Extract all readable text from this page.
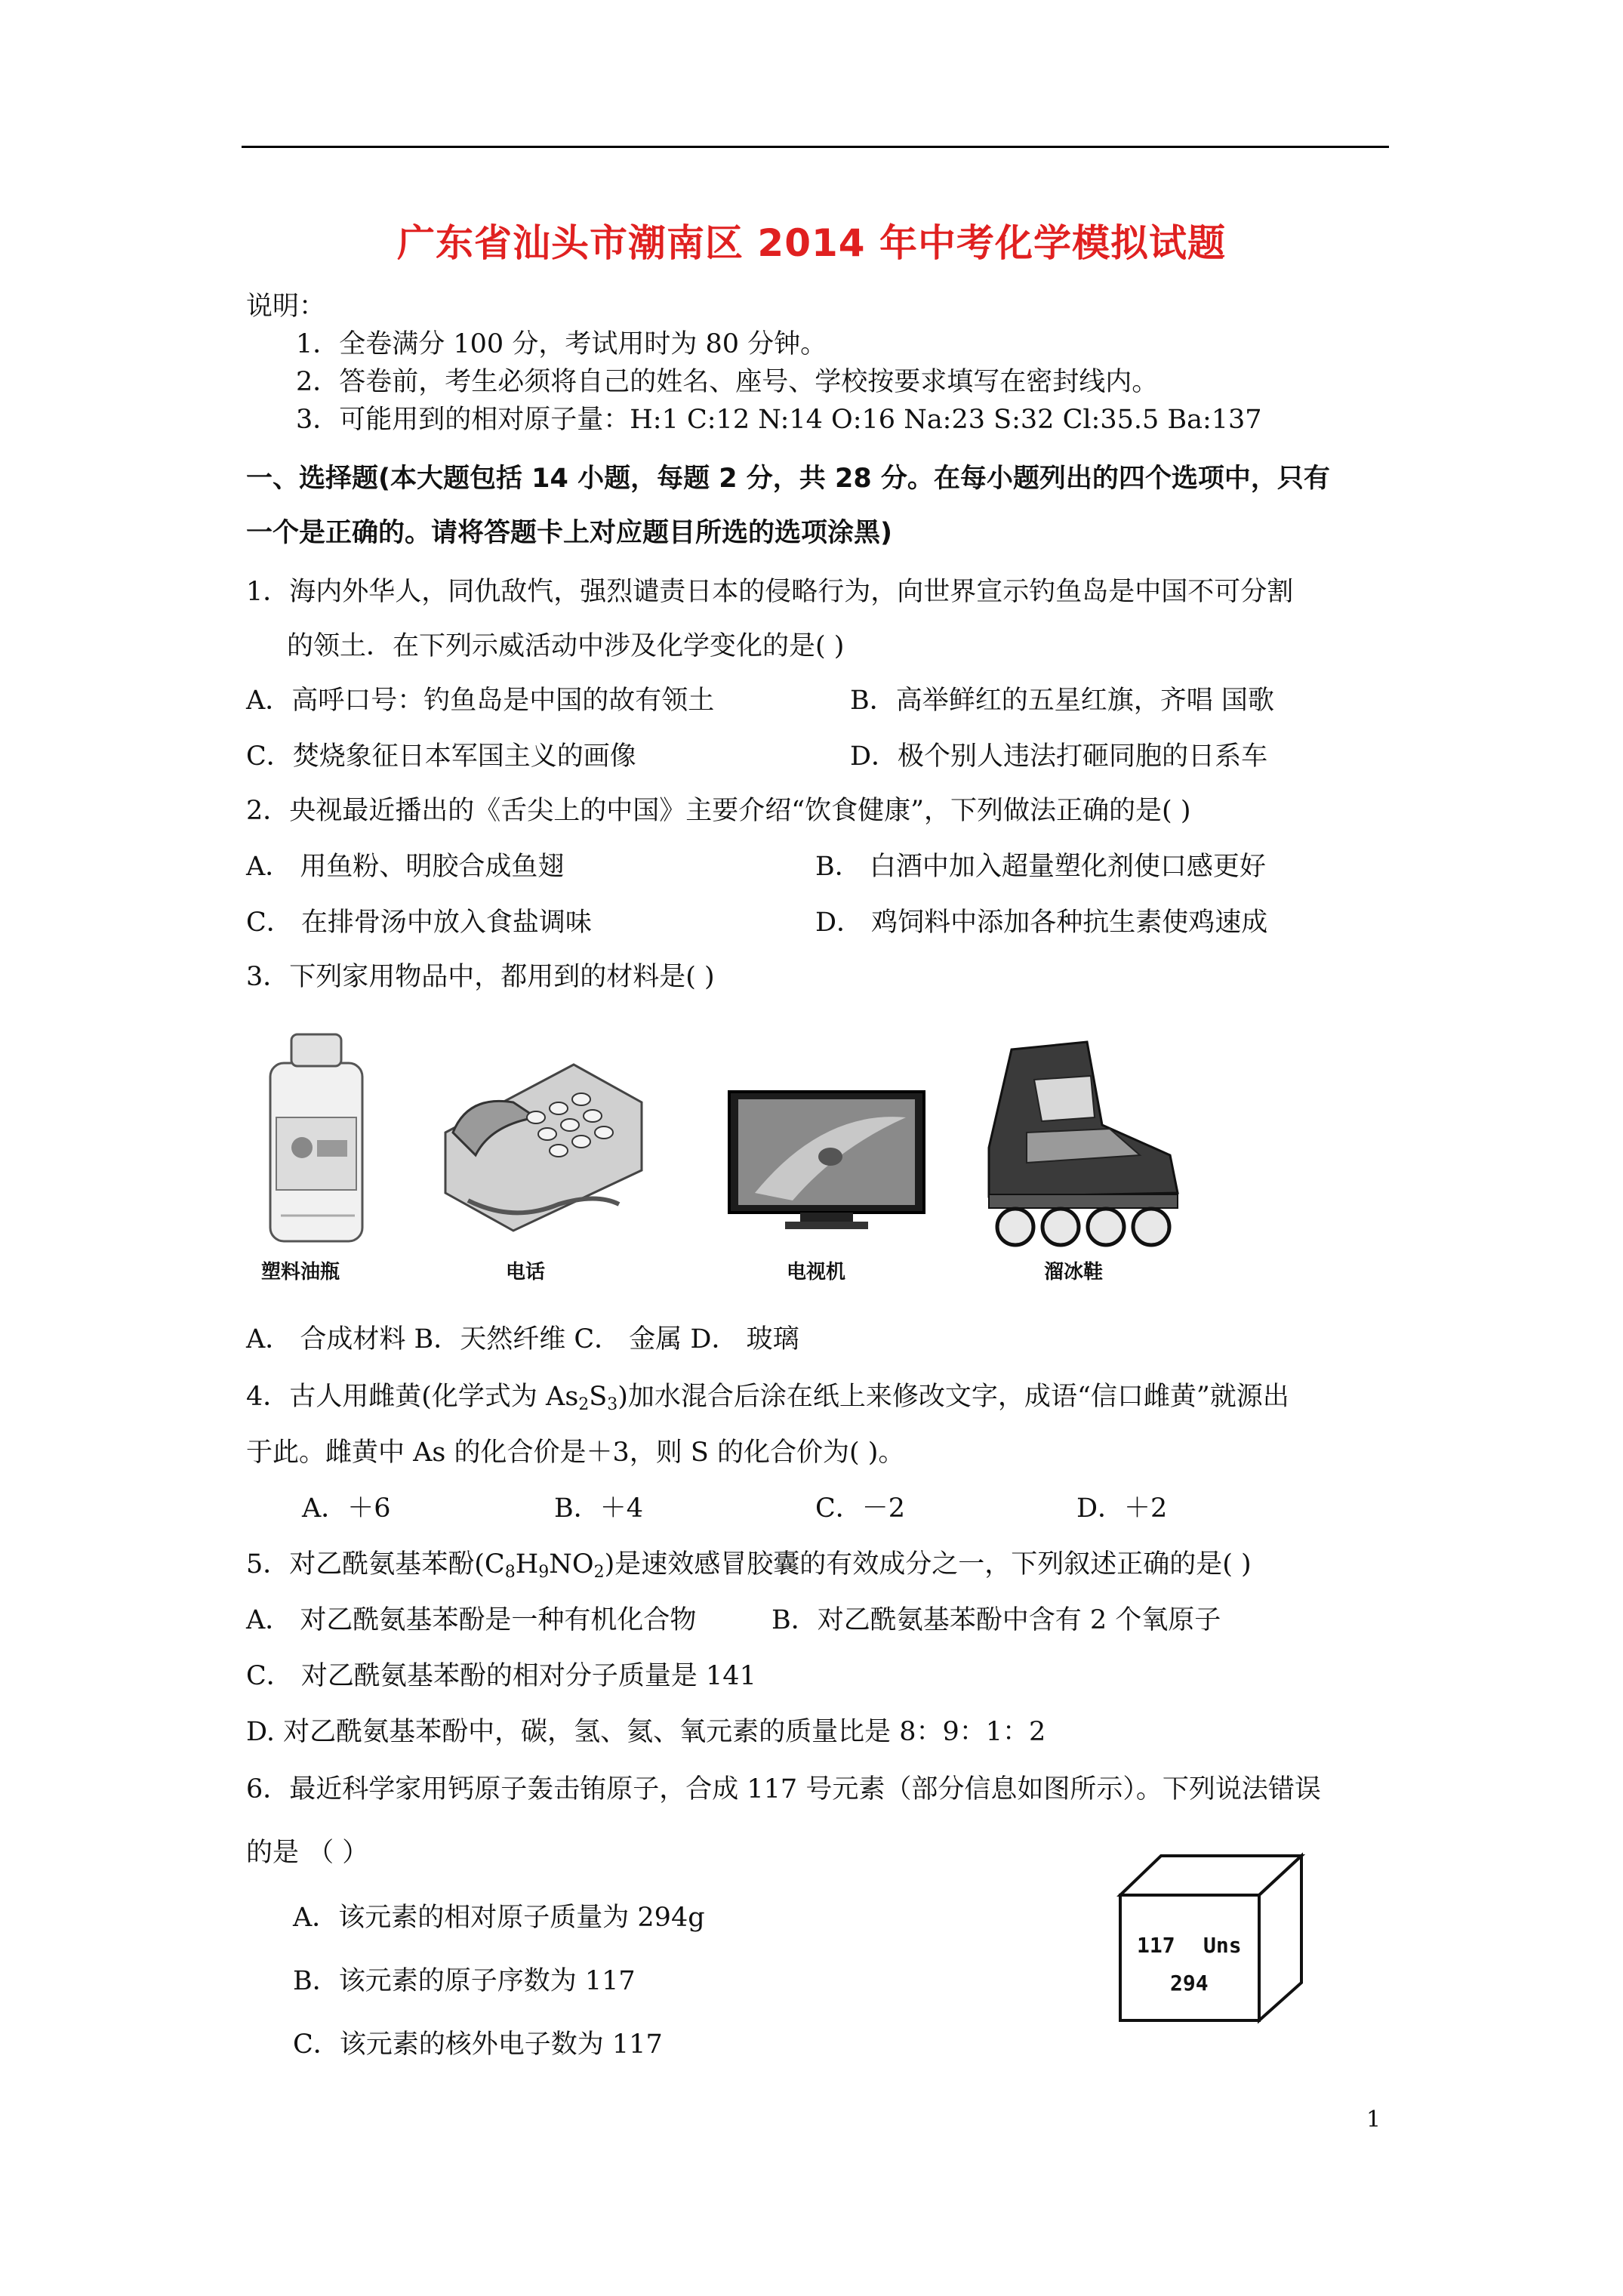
广东省汕头市潮南区 2014 年中考化学模拟试题
说明：
1．全卷满分 100 分，考试用时为 80 分钟。
2．答卷前，考生必须将自己的姓名、座号、学校按要求填写在密封线内。
3．可能用到的相对原子量：H:1 C:12 N:14 O:16 Na:23 S:32 Cl:35.5 Ba:137
一、选择题(本大题包括 14 小题，每题 2 分，共 28 分。在每小题列出的四个选项中，只有
一个是正确的。请将答题卡上对应题目所选的选项涂黑)
1．海内外华人，同仇敌忾，强烈谴责日本的侵略行为，向世界宣示钓鱼岛是中国不可分割
的领土．在下列示威活动中涉及化学变化的是( )
A．高呼口号：钓鱼岛是中国的故有领土	B．高举鲜红的五星红旗，齐唱 国歌
C．焚烧象征日本军国主义的画像	D．极个别人违法打砸同胞的日系车
2．央视最近播出的《舌尖上的中国》主要介绍“饮食健康”，下列做法正确的是( )
A． 用鱼粉、明胶合成鱼翅	B． 白酒中加入超量塑化剂使口感更好
C． 在排骨汤中放入食盐调味	D． 鸡饲料中添加各种抗生素使鸡速成
3．下列家用物品中，都用到的材料是( )
塑料油瓶	电话	电视机	溜冰鞋
A． 合成材料 B．天然纤维 C． 金属 D． 玻璃
4．古人用雌黄(化学式为 $As_2S_3$)加水混合后涂在纸上来修改文字，成语“信口雌黄”就源出
于此。雌黄中 As 的化合价是＋3，则 S 的化合价为( )。
A．＋6	B．＋4	C．－2	D．＋2
5．对乙酰氨基苯酚$(C_8H_9NO_2)$是速效感冒胶囊的有效成分之一，下列叙述正确的是( )
A． 对乙酰氨基苯酚是一种有机化合物	B．对乙酰氨基苯酚中含有 2 个氧原子
C． 对乙酰氨基苯酚的相对分子质量是 141
D. 对乙酰氨基苯酚中，碳，氢、氦、氧元素的质量比是 8：9：1：2
6．最近科学家用钙原子轰击铕原子，合成 117 号元素（部分信息如图所示）。下列说法错误
的是 （ ）
A．该元素的相对原子质量为 294g
B．该元素的原子序数为 117
C．该元素的核外电子数为 117
117 Uns
294
1
